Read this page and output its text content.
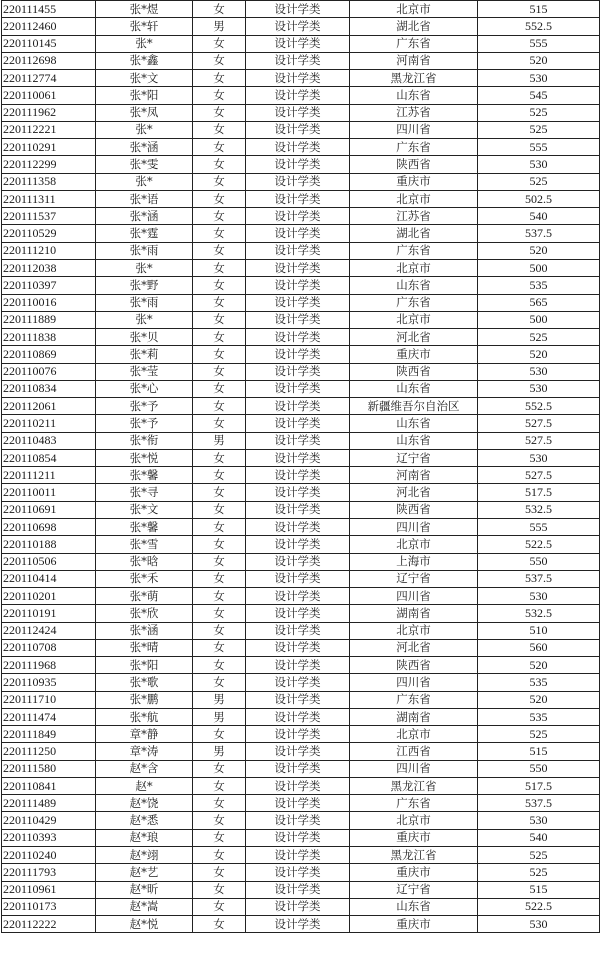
220111455	张*煜	女	设计学类	北京市	515
220112460	张*轩	男	设计学类	湖北省	552.5
220110145	张*	女	设计学类	广东省	555
220112698	张*鑫	女	设计学类	河南省	520
220112774	张*文	女	设计学类	黑龙江省	530
220110061	张*阳	女	设计学类	山东省	545
220111962	张*凤	女	设计学类	江苏省	525
220112221	张*	女	设计学类	四川省	525
220110291	张*涵	女	设计学类	广东省	555
220112299	张*雯	女	设计学类	陕西省	530
220111358	张*	女	设计学类	重庆市	525
220111311	张*语	女	设计学类	北京市	502.5
220111537	张*涵	女	设计学类	江苏省	540
220110529	张*霆	女	设计学类	湖北省	537.5
220111210	张*雨	女	设计学类	广东省	520
220112038	张*	女	设计学类	北京市	500
220110397	张*野	女	设计学类	山东省	535
220110016	张*雨	女	设计学类	广东省	565
220111889	张*	女	设计学类	北京市	500
220111838	张*贝	女	设计学类	河北省	525
220110869	张*莉	女	设计学类	重庆市	520
220110076	张*莹	女	设计学类	陕西省	530
220110834	张*心	女	设计学类	山东省	530
220112061	张*予	女	设计学类	新疆维吾尔自治区	552.5
220110211	张*予	女	设计学类	山东省	527.5
220110483	张*衔	男	设计学类	山东省	527.5
220110854	张*悦	女	设计学类	辽宁省	530
220111211	张*馨	女	设计学类	河南省	527.5
220110011	张*寻	女	设计学类	河北省	517.5
220110691	张*文	女	设计学类	陕西省	532.5
220110698	张*馨	女	设计学类	四川省	555
220110188	张*雪	女	设计学类	北京市	522.5
220110506	张*晗	女	设计学类	上海市	550
220110414	张*禾	女	设计学类	辽宁省	537.5
220110201	张*萌	女	设计学类	四川省	530
220110191	张*欣	女	设计学类	湖南省	532.5
220112424	张*涵	女	设计学类	北京市	510
220110708	张*晴	女	设计学类	河北省	560
220111968	张*阳	女	设计学类	陕西省	520
220110935	张*歌	女	设计学类	四川省	535
220111710	张*鹏	男	设计学类	广东省	520
220111474	张*航	男	设计学类	湖南省	535
220111849	章*静	女	设计学类	北京市	525
220111250	章*涛	男	设计学类	江西省	515
220111580	赵*含	女	设计学类	四川省	550
220110841	赵*	女	设计学类	黑龙江省	517.5
220111489	赵*饶	女	设计学类	广东省	537.5
220110429	赵*悉	女	设计学类	北京市	530
220110393	赵*琅	女	设计学类	重庆市	540
220110240	赵*翊	女	设计学类	黑龙江省	525
220111793	赵*艺	女	设计学类	重庆市	525
220110961	赵*昕	女	设计学类	辽宁省	515
220110173	赵*嵩	女	设计学类	山东省	522.5
220112222	赵*悦	女	设计学类	重庆市	530
